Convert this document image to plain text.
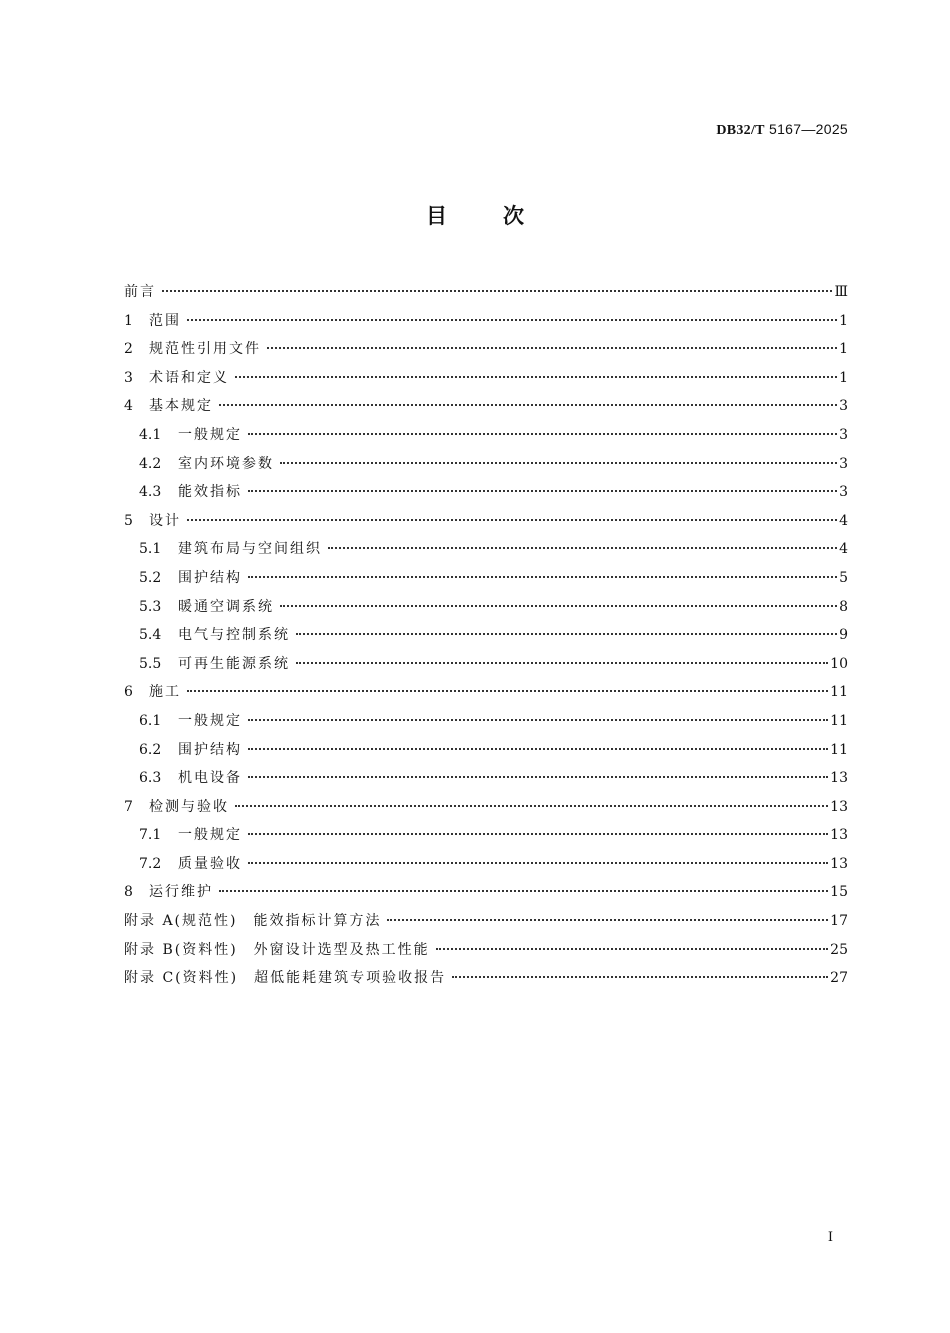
DB32/T 5167—2025
目次
前言	Ⅲ
1	范围	1
2	规范性引用文件	1
3	术语和定义	1
4	基本规定	3
4.1	一般规定	3
4.2	室内环境参数	3
4.3	能效指标	3
5	设计	4
5.1	建筑布局与空间组织	4
5.2	围护结构	5
5.3	暖通空调系统	8
5.4	电气与控制系统	9
5.5	可再生能源系统	10
6	施工	11
6.1	一般规定	11
6.2	围护结构	11
6.3	机电设备	13
7	检测与验收	13
7.1	一般规定	13
7.2	质量验收	13
8	运行维护	15
附录 A(规范性)　能效指标计算方法	17
附录 B(资料性)　外窗设计选型及热工性能	25
附录 C(资料性)　超低能耗建筑专项验收报告	27
I
